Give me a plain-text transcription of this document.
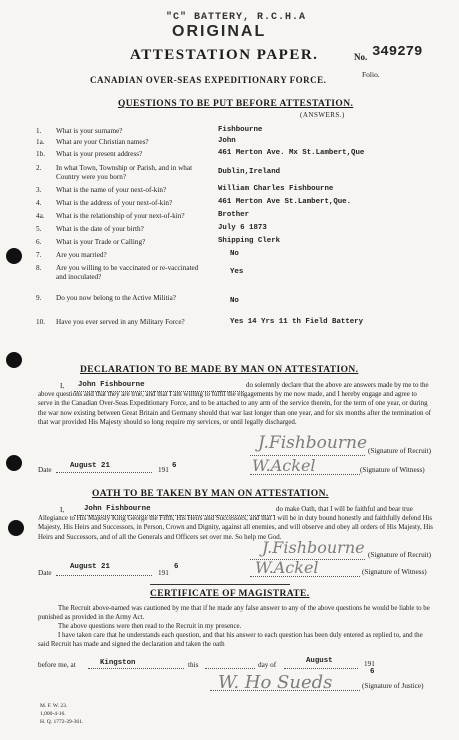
"C" BATTERY, R.C.H.A
ORIGINAL
ATTESTATION PAPER.	No. 349279
Folio.
CANADIAN OVER-SEAS EXPEDITIONARY FORCE.
QUESTIONS TO BE PUT BEFORE ATTESTATION.
(ANSWERS.)
1. What is your surname?	Fishbourne
1a. What are your Christian names?	John
1b. What is your present address?	461 Merton Ave. Mx St.Lambert,Que
2. In what Town, Township or Parish, and in what Country were you born?
Dublin,Ireland
3. What is the name of your next-of-kin?	William Charles Fishbourne
4. What is the address of your next-of-kin?	461 Merton Ave St.Lambert,Que.
4a. What is the relationship of your next-of-kin?	Brother
5. What is the date of your birth?	July 6 1873
6. What is your Trade or Calling?	Shipping Clerk
7. Are you married?	No
8. Are you willing to be vaccinated or re-vaccinated and inoculated?
Yes
9. Do you now belong to the Active Militia?	No
10. Have you ever served in any Military Force?	Yes 14 Yrs 11 th Field Battery
DECLARATION TO BE MADE BY MAN ON ATTESTATION.
I, John Fishbourne	do solemnly declare that the above are answers made by me to the above questions and that they are true, and that I am willing to fulfil the engagements by me now made, and I hereby engage and agree to serve in the Canadian Over-Seas Expeditionary Force, and to be attached to any arm of the service therein, for the term of one year, or during the war now existing between Great Britain and Germany should that war last longer than one year, and for six months after the termination of that war provided His Majesty should so long require my services, or until legally discharged.
J.Fishbourne (Signature of Recruit)
Date August 21	191 6	W.Ackel	(Signature of Witness)
OATH TO BE TAKEN BY MAN ON ATTESTATION.
I,	John Fishbourne	do make Oath, that I will be faithful and bear true Allegiance to His Majesty King George the Fifth, His Heirs and Successors, and that I will be in duty bound honestly and faithfully defend His Majesty, His Heirs and Successors, in Person, Crown and Dignity, against all enemies, and will observe and obey all orders of His Majesty, His Heirs and Successors, and of all the Generals and Officers set over me. So help me God.
J.Fishbourne (Signature of Recruit)
Date
August 21
191
6	W.Ackel	(Signature of Witness)
CERTIFICATE OF MAGISTRATE.
The Recruit above-named was cautioned by me that if he made any false answer to any of the above questions he would be liable to be punished as provided in the Army Act.
The above questions were then read to the Recruit in my presence.
I have taken care that he understands each question, and that his answer to each question has been duly entered as replied to, and the said Recruit has made and signed the declaration and taken the oath
before me, at	Kingston	this	day of	August	191
6
W. Ho Sueds	(Signature of Justice)
M. F. W. 23.
1,000-4-16.
H. Q. 1772-39-361.
